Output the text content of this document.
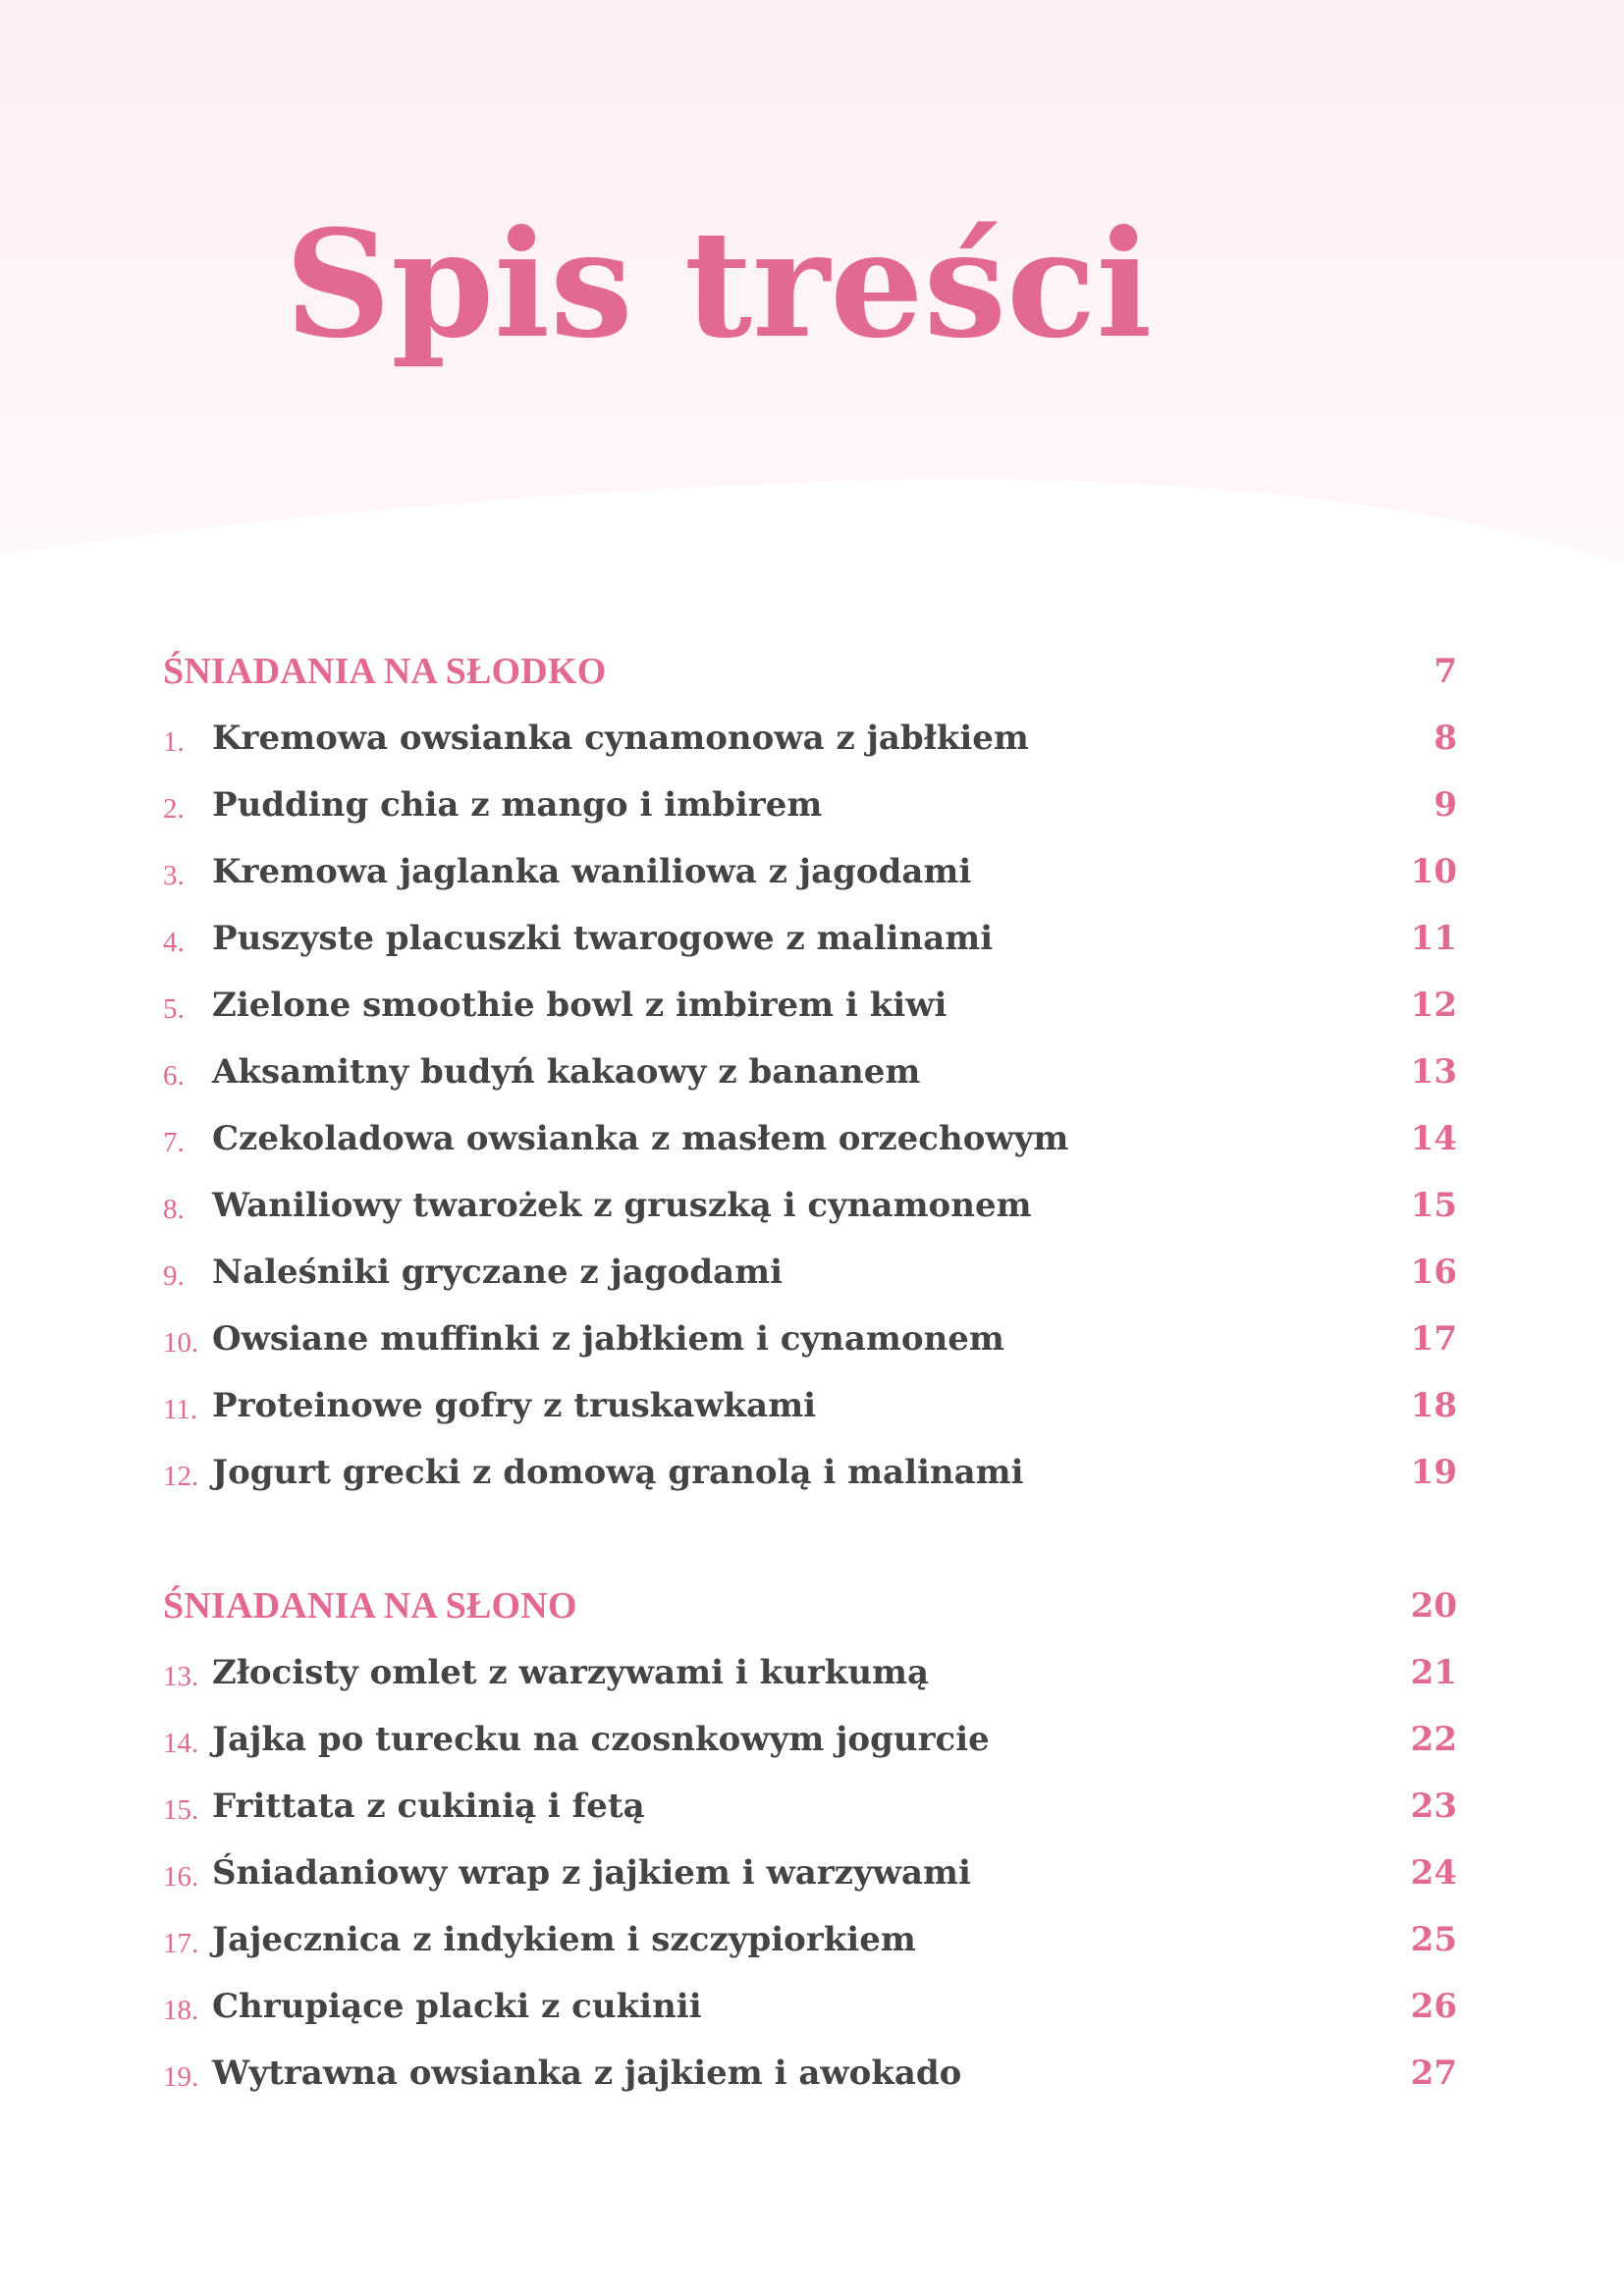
Spis treści
ŚNIADANIA NA SŁODKO	7
1. Kremowa owsianka cynamonowa z jabłkiem	8
2. Pudding chia z mango i imbirem	9
3. Kremowa jaglanka waniliowa z jagodami	10
4. Puszyste placuszki twarogowe z malinami	11
5. Zielone smoothie bowl z imbirem i kiwi	12
6. Aksamitny budyń kakaowy z bananem	13
7. Czekoladowa owsianka z masłem orzechowym	14
8. Waniliowy twarożek z gruszką i cynamonem	15
9. Naleśniki gryczane z jagodami	16
10. Owsiane muffinki z jabłkiem i cynamonem	17
11. Proteinowe gofry z truskawkami	18
12. Jogurt grecki z domową granolą i malinami	19
ŚNIADANIA NA SŁONO	20
13. Złocisty omlet z warzywami i kurkumą	21
14. Jajka po turecku na czosnkowym jogurcie	22
15. Frittata z cukinią i fetą	23
16. Śniadaniowy wrap z jajkiem i warzywami	24
17. Jajecznica z indykiem i szczypiorkiem	25
18. Chrupiące placki z cukinii	26
19. Wytrawna owsianka z jajkiem i awokado	27
